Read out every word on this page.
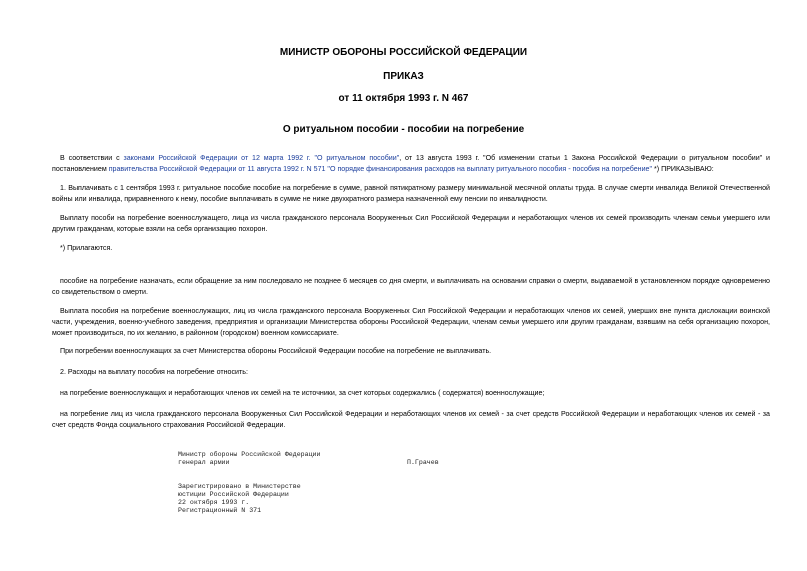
МИНИСТР ОБОРОНЫ РОССИЙСКОЙ ФЕДЕРАЦИИ
ПРИКАЗ
от 11 октября 1993 г. N 467
О ритуальном пособии - пособии на погребение
В соответствии с законами Российской Федерации от 12 марта 1992 г. "О ритуальном пособии", от 13 августа 1993 г. "Об изменении статьи 1 Закона Российской Федерации о ритуальном пособии" и постановлением правительства Российской Федерации от 11 августа 1992 г. N 571 "О порядке финансирования расходов на выплату ритуального пособия - пособия на погребение" *) ПРИКАЗЫВАЮ:
1. Выплачивать с 1 сентября 1993 г. ритуальное пособие пособие на погребение в сумме, равной пятикратному размеру минимальной месячной оплаты труда. В случае смерти инвалида Великой Отечественной войны или инвалида, приравненного к нему, пособие выплачивать в сумме не ниже двухкратного размера назначенной ему пенсии по инвалидности.
Выплату пособи на погребение военнослужащего, лица из числа гражданского персонала Вооруженных Сил Российской Федерации и неработающих членов их семей производить членам семьи умершего или другим гражданам, которые взяли на себя организацию похорон.
*) Прилагаются.
пособие на погребение назначать, если обращение за ним последовало не позднее 6 месяцев со дня смерти, и выплачивать на основании справки о смерти, выдаваемой в установленном порядке одновременно со свидетельством о смерти.
Выплата пособия на погребение военнослужащих, лиц из числа гражданского персонала Вооруженных Сил Российской Федерации и неработающих членов их семей, умерших вне пункта дислокации воинской части, учреждения, военно-учебного заведения, предприятия и организации Министерства обороны Российской Федерации, членам семьи умершего или другим гражданам, взявшим на себя организацию похорон, может производиться, по их желанию, в районном (городском) военном комиссариате.
При погребении военнослужащих за счет Министерства обороны Российской Федерации пособие на погребение не выплачивать.
2. Расходы на выплату пособия на погребение относить:
на погребение военнослужащих и неработающих членов их семей на те источники, за счет которых содержались ( содержатся) военнослужащие;
на погребение лиц из числа гражданского персонала Вооруженных Сил Российской Федерации и неработающих членов их семей - за счет средств Российской Федерации и неработающих членов их семей - за счет средств Фонда социального страхования Российской Федерации.
Министр обороны Российской Федерации
генерал армии	П.Грачев
Зарегистрировано в Министерстве
юстиции Российской Федерации
22 октября 1993 г.
Регистрационный N 371
